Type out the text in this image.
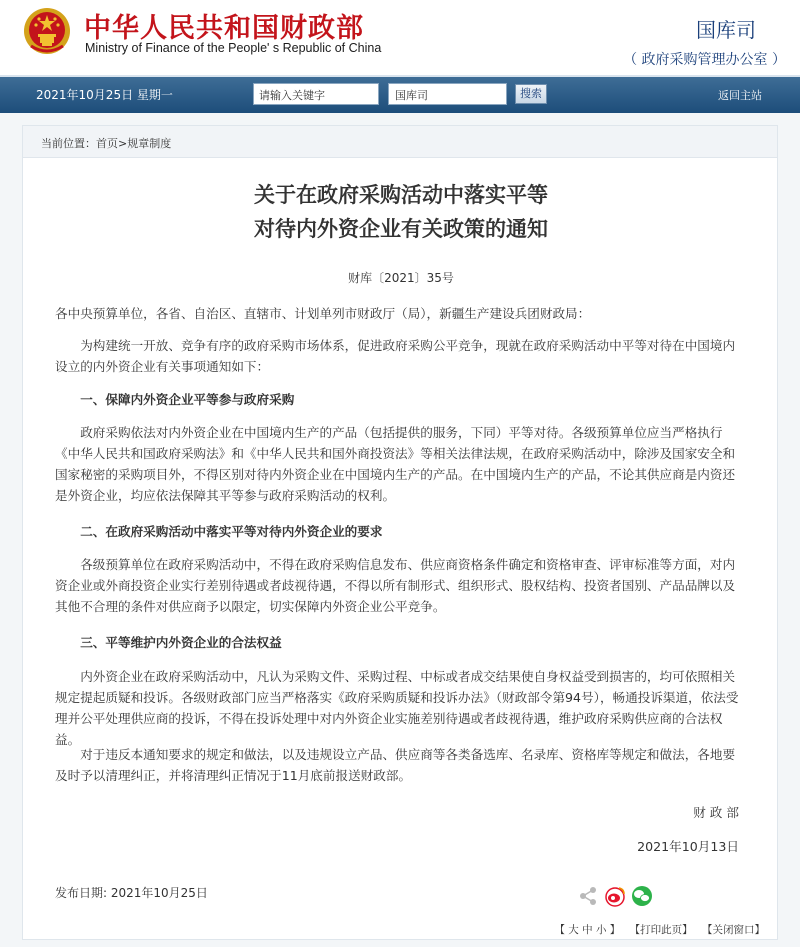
中华人民共和国财政部
Ministry of Finance of the People' s Republic of China
国库司
（ 政府采购管理办公室 ）
2021年10月25日 星期一	请输入关键字	国库司	搜索	返回主站
当前位置：首页>规章制度
关于在政府采购活动中落实平等
对待内外资企业有关政策的通知
财库〔2021〕35号
各中央预算单位，各省、自治区、直辖市、计划单列市财政厅（局），新疆生产建设兵团财政局：
为构建统一开放、竞争有序的政府采购市场体系，促进政府采购公平竞争，现就在政府采购活动中平等对待在中国境内设立的内外资企业有关事项通知如下：
一、保障内外资企业平等参与政府采购
政府采购依法对内外资企业在中国境内生产的产品（包括提供的服务，下同）平等对待。各级预算单位应当严格执行《中华人民共和国政府采购法》和《中华人民共和国外商投资法》等相关法律法规，在政府采购活动中，除涉及国家安全和国家秘密的采购项目外，不得区别对待内外资企业在中国境内生产的产品。在中国境内生产的产品，不论其供应商是内资还是外资企业，均应依法保障其平等参与政府采购活动的权利。
二、在政府采购活动中落实平等对待内外资企业的要求
各级预算单位在政府采购活动中，不得在政府采购信息发布、供应商资格条件确定和资格审查、评审标准等方面，对内资企业或外商投资企业实行差别待遇或者歧视待遇，不得以所有制形式、组织形式、股权结构、投资者国别、产品品牌以及其他不合理的条件对供应商予以限定，切实保障内外资企业公平竞争。
三、平等维护内外资企业的合法权益
内外资企业在政府采购活动中，凡认为采购文件、采购过程、中标或者成交结果使自身权益受到损害的，均可依照相关规定提起质疑和投诉。各级财政部门应当严格落实《政府采购质疑和投诉办法》（财政部令第94号），畅通投诉渠道，依法受理并公平处理供应商的投诉，不得在投诉处理中对内外资企业实施差别待遇或者歧视待遇，维护政府采购供应商的合法权益。
对于违反本通知要求的规定和做法，以及违规设立产品、供应商等各类备选库、名录库、资格库等规定和做法，各地要及时予以清理纠正，并将清理纠正情况于11月底前报送财政部。
财 政 部
2021年10月13日
发布日期: 2021年10月25日
【 大 中 小 】 【打印此页】 【关闭窗口】
